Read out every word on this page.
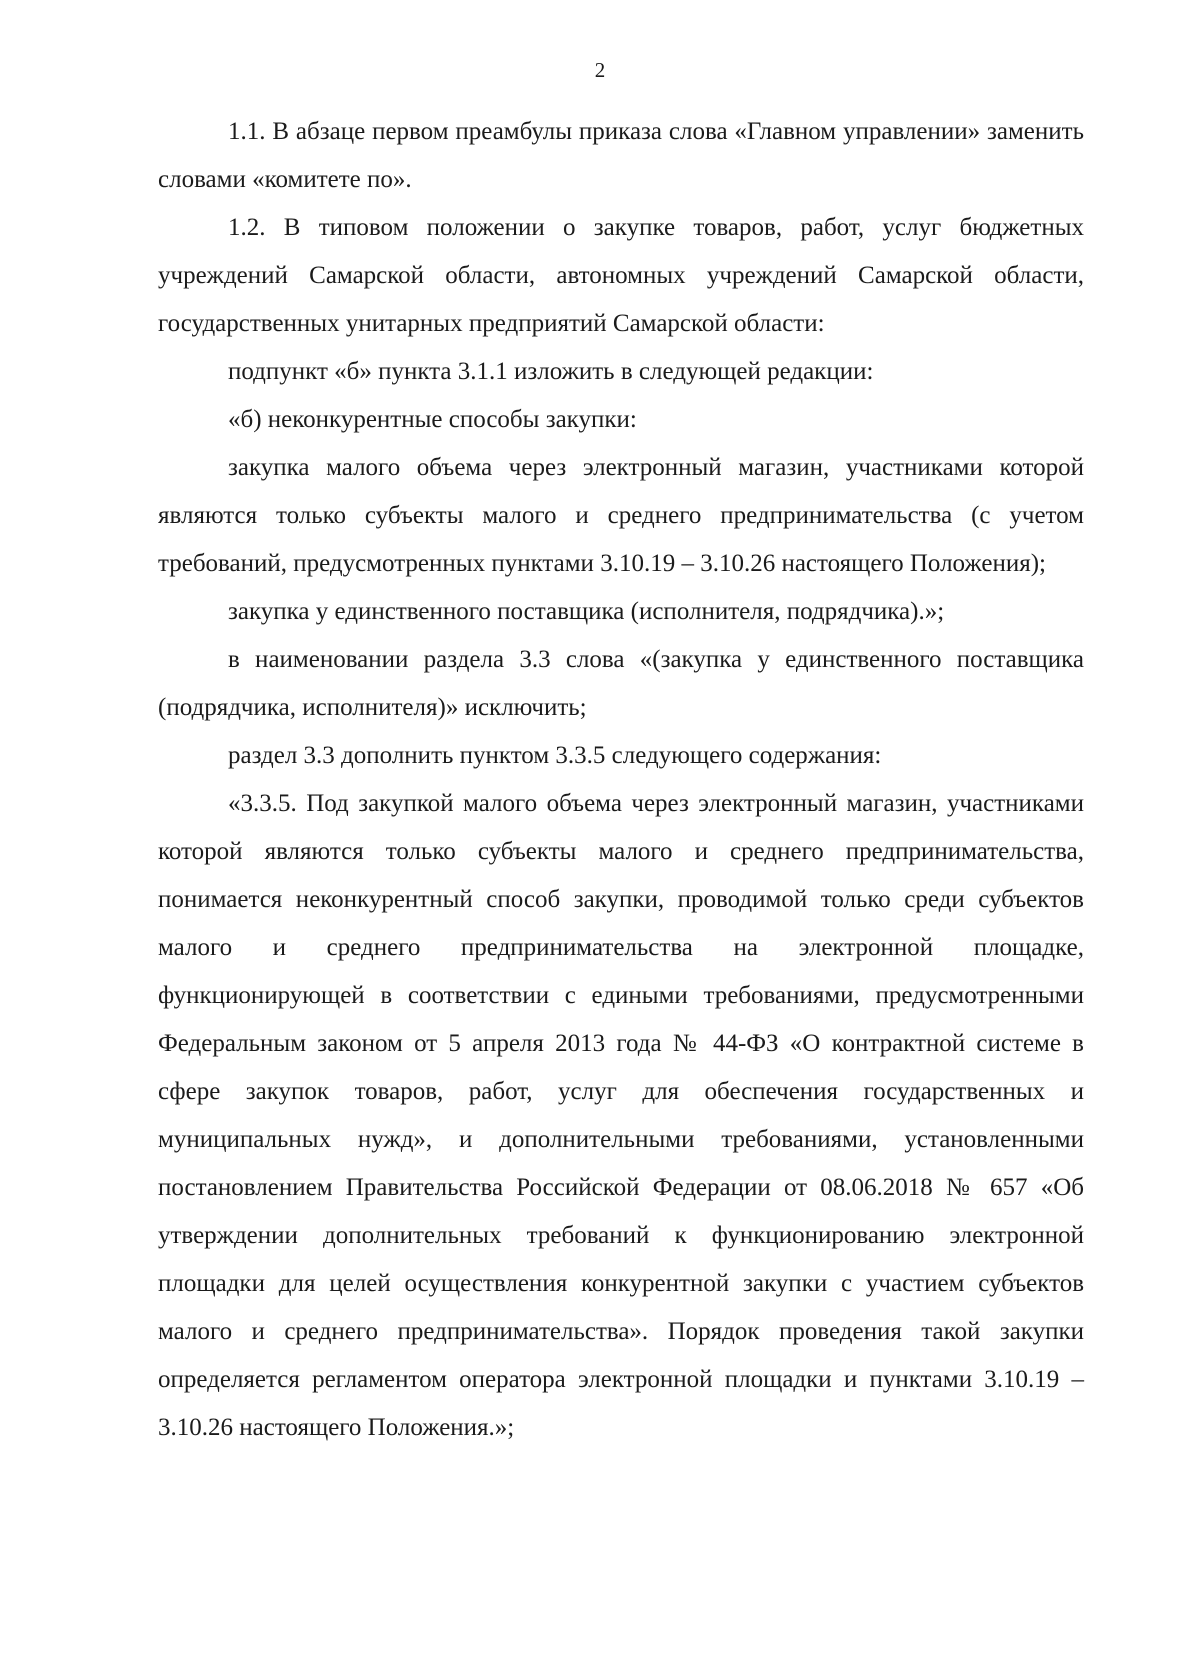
2

1.1. В абзаце первом преамбулы приказа слова «Главном управлении» заменить словами «комитете по».

1.2. В типовом положении о закупке товаров, работ, услуг бюджетных учреждений Самарской области, автономных учреждений Самарской области, государственных унитарных предприятий Самарской области:

подпункт «б» пункта 3.1.1 изложить в следующей редакции:

«б) неконкурентные способы закупки:

закупка малого объема через электронный магазин, участниками которой являются только субъекты малого и среднего предпринимательства (с учетом требований, предусмотренных пунктами 3.10.19 – 3.10.26 настоящего Положения);

закупка у единственного поставщика (исполнителя, подрядчика).»;

в наименовании раздела 3.3 слова «(закупка у единственного поставщика (подрядчика, исполнителя)» исключить;

раздел 3.3 дополнить пунктом 3.3.5 следующего содержания:

«3.3.5. Под закупкой малого объема через электронный магазин, участниками которой являются только субъекты малого и среднего предпринимательства, понимается неконкурентный способ закупки, проводимой только среди субъектов малого и среднего предпринимательства на электронной площадке, функционирующей в соответствии с едиными требованиями, предусмотренными Федеральным законом от 5 апреля 2013 года № 44-ФЗ «О контрактной системе в сфере закупок товаров, работ, услуг для обеспечения государственных и муниципальных нужд», и дополнительными требованиями, установленными постановлением Правительства Российской Федерации от 08.06.2018 № 657 «Об утверждении дополнительных требований к функционированию электронной площадки для целей осуществления конкурентной закупки с участием субъектов малого и среднего предпринимательства». Порядок проведения такой закупки определяется регламентом оператора электронной площадки и пунктами 3.10.19 – 3.10.26 настоящего Положения.»;
